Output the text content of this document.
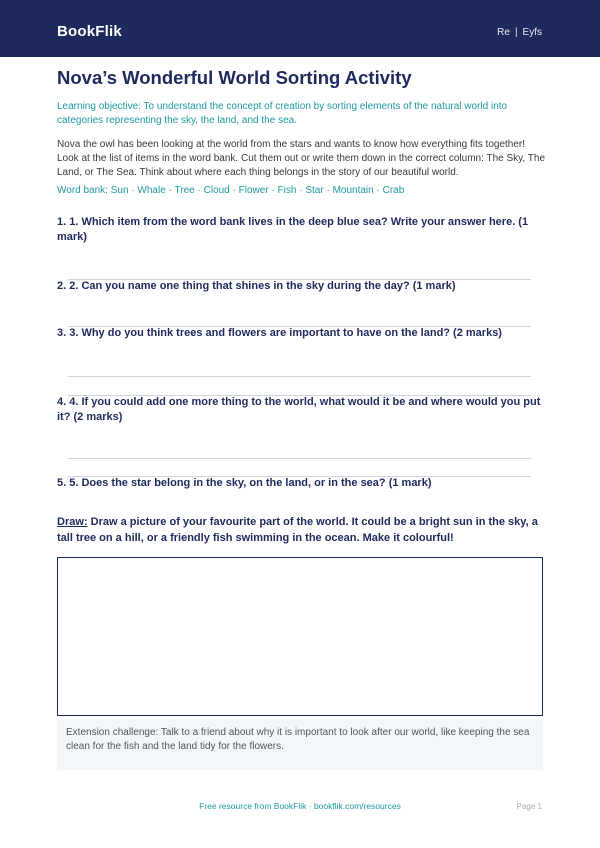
BookFlik	Re | Eyfs
Nova’s Wonderful World Sorting Activity

Learning objective: To understand the concept of creation by sorting elements of the natural world into categories representing the sky, the land, and the sea.

Nova the owl has been looking at the world from the stars and wants to know how everything fits together! Look at the list of items in the word bank. Cut them out or write them down in the correct column: The Sky, The Land, or The Sea. Think about where each thing belongs in the story of our beautiful world.

Word bank: Sun · Whale · Tree · Cloud · Flower · Fish · Star · Mountain · Crab

1. 1. Which item from the word bank lives in the deep blue sea? Write your answer here. (1 mark)

2. 2. Can you name one thing that shines in the sky during the day? (1 mark)

3. 3. Why do you think trees and flowers are important to have on the land? (2 marks)

4. 4. If you could add one more thing to the world, what would it be and where would you put it? (2 marks)

5. 5. Does the star belong in the sky, on the land, or in the sea? (1 mark)

Draw: Draw a picture of your favourite part of the world. It could be a bright sun in the sky, a tall tree on a hill, or a friendly fish swimming in the ocean. Make it colourful!

Extension challenge: Talk to a friend about why it is important to look after our world, like keeping the sea clean for the fish and the land tidy for the flowers.
Free resource from BookFlik · bookflik.com/resources	Page 1
